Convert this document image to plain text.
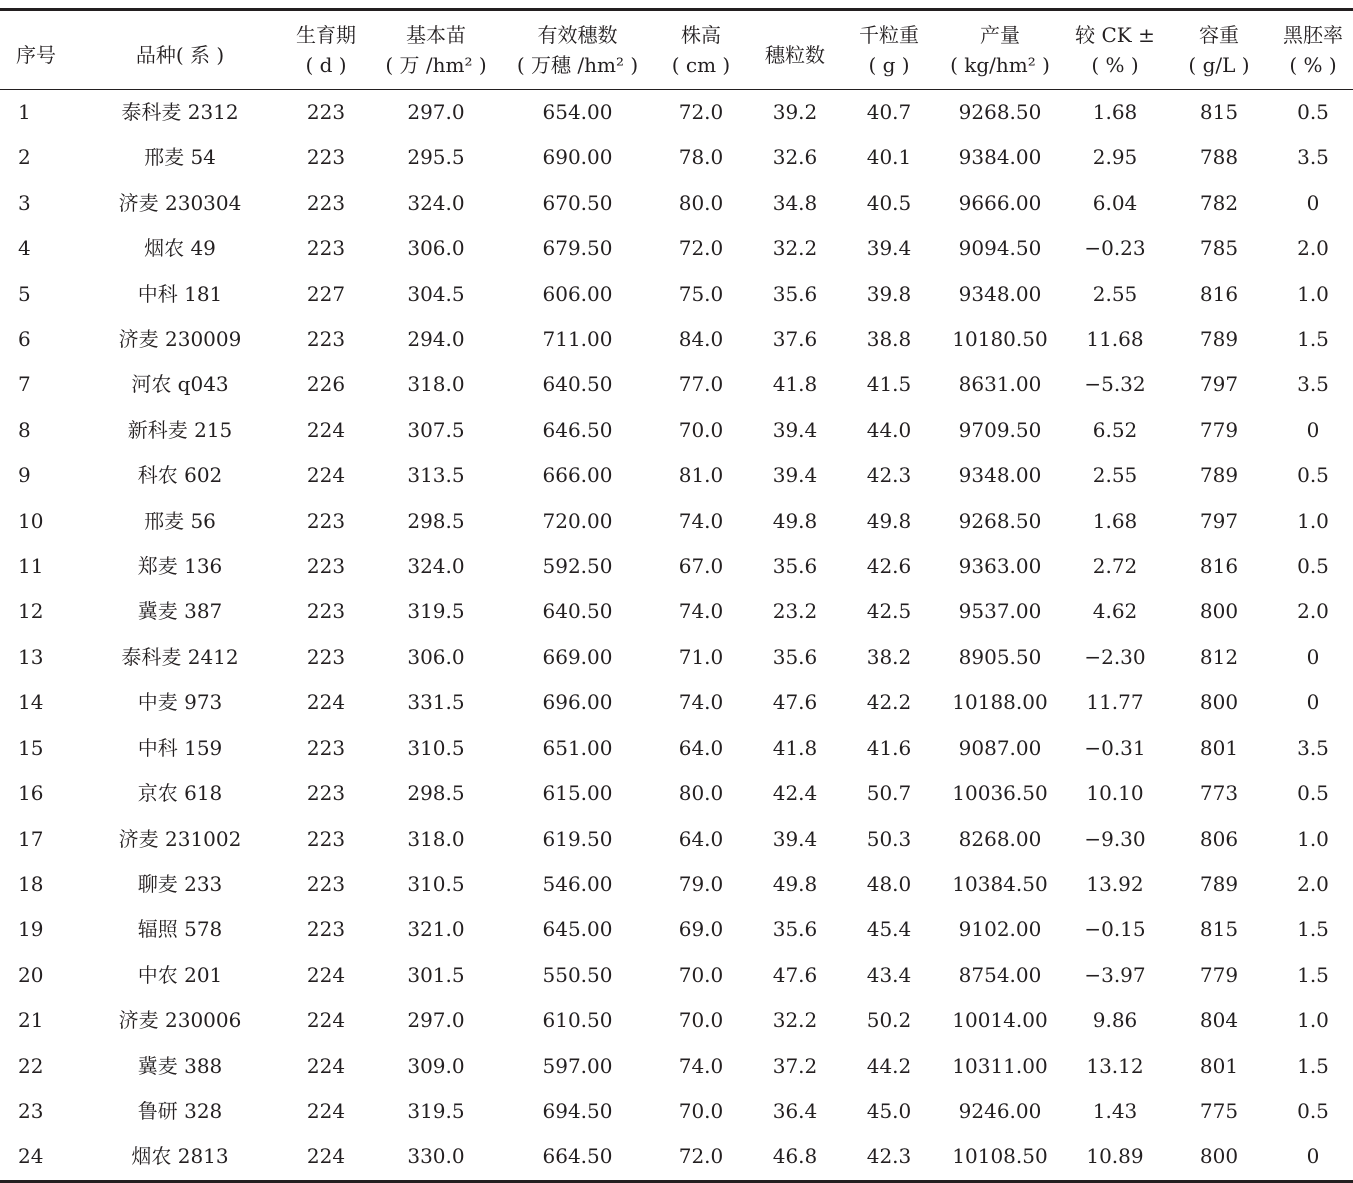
序号	品种( 系 )	生育期	基本苗	有效穗数	株高	穗粒数	千粒重	产量	较 CK ±	容重	黑胚率
		( d )	( 万 /hm² )	( 万穗 /hm² )	( cm )		( g )	( kg/hm² )	( % )	( g/L )	( % )
1	泰科麦 2312	223	297.0	654.00	72.0	39.2	40.7	9268.50	1.68	815	0.5
2	邢麦 54	223	295.5	690.00	78.0	32.6	40.1	9384.00	2.95	788	3.5
3	济麦 230304	223	324.0	670.50	80.0	34.8	40.5	9666.00	6.04	782	0
4	烟农 49	223	306.0	679.50	72.0	32.2	39.4	9094.50	−0.23	785	2.0
5	中科 181	227	304.5	606.00	75.0	35.6	39.8	9348.00	2.55	816	1.0
6	济麦 230009	223	294.0	711.00	84.0	37.6	38.8	10180.50	11.68	789	1.5
7	河农 q043	226	318.0	640.50	77.0	41.8	41.5	8631.00	−5.32	797	3.5
8	新科麦 215	224	307.5	646.50	70.0	39.4	44.0	9709.50	6.52	779	0
9	科农 602	224	313.5	666.00	81.0	39.4	42.3	9348.00	2.55	789	0.5
10	邢麦 56	223	298.5	720.00	74.0	49.8	49.8	9268.50	1.68	797	1.0
11	郑麦 136	223	324.0	592.50	67.0	35.6	42.6	9363.00	2.72	816	0.5
12	冀麦 387	223	319.5	640.50	74.0	23.2	42.5	9537.00	4.62	800	2.0
13	泰科麦 2412	223	306.0	669.00	71.0	35.6	38.2	8905.50	−2.30	812	0
14	中麦 973	224	331.5	696.00	74.0	47.6	42.2	10188.00	11.77	800	0
15	中科 159	223	310.5	651.00	64.0	41.8	41.6	9087.00	−0.31	801	3.5
16	京农 618	223	298.5	615.00	80.0	42.4	50.7	10036.50	10.10	773	0.5
17	济麦 231002	223	318.0	619.50	64.0	39.4	50.3	8268.00	−9.30	806	1.0
18	聊麦 233	223	310.5	546.00	79.0	49.8	48.0	10384.50	13.92	789	2.0
19	辐照 578	223	321.0	645.00	69.0	35.6	45.4	9102.00	−0.15	815	1.5
20	中农 201	224	301.5	550.50	70.0	47.6	43.4	8754.00	−3.97	779	1.5
21	济麦 230006	224	297.0	610.50	70.0	32.2	50.2	10014.00	9.86	804	1.0
22	冀麦 388	224	309.0	597.00	74.0	37.2	44.2	10311.00	13.12	801	1.5
23	鲁研 328	224	319.5	694.50	70.0	36.4	45.0	9246.00	1.43	775	0.5
24	烟农 2813	224	330.0	664.50	72.0	46.8	42.3	10108.50	10.89	800	0
